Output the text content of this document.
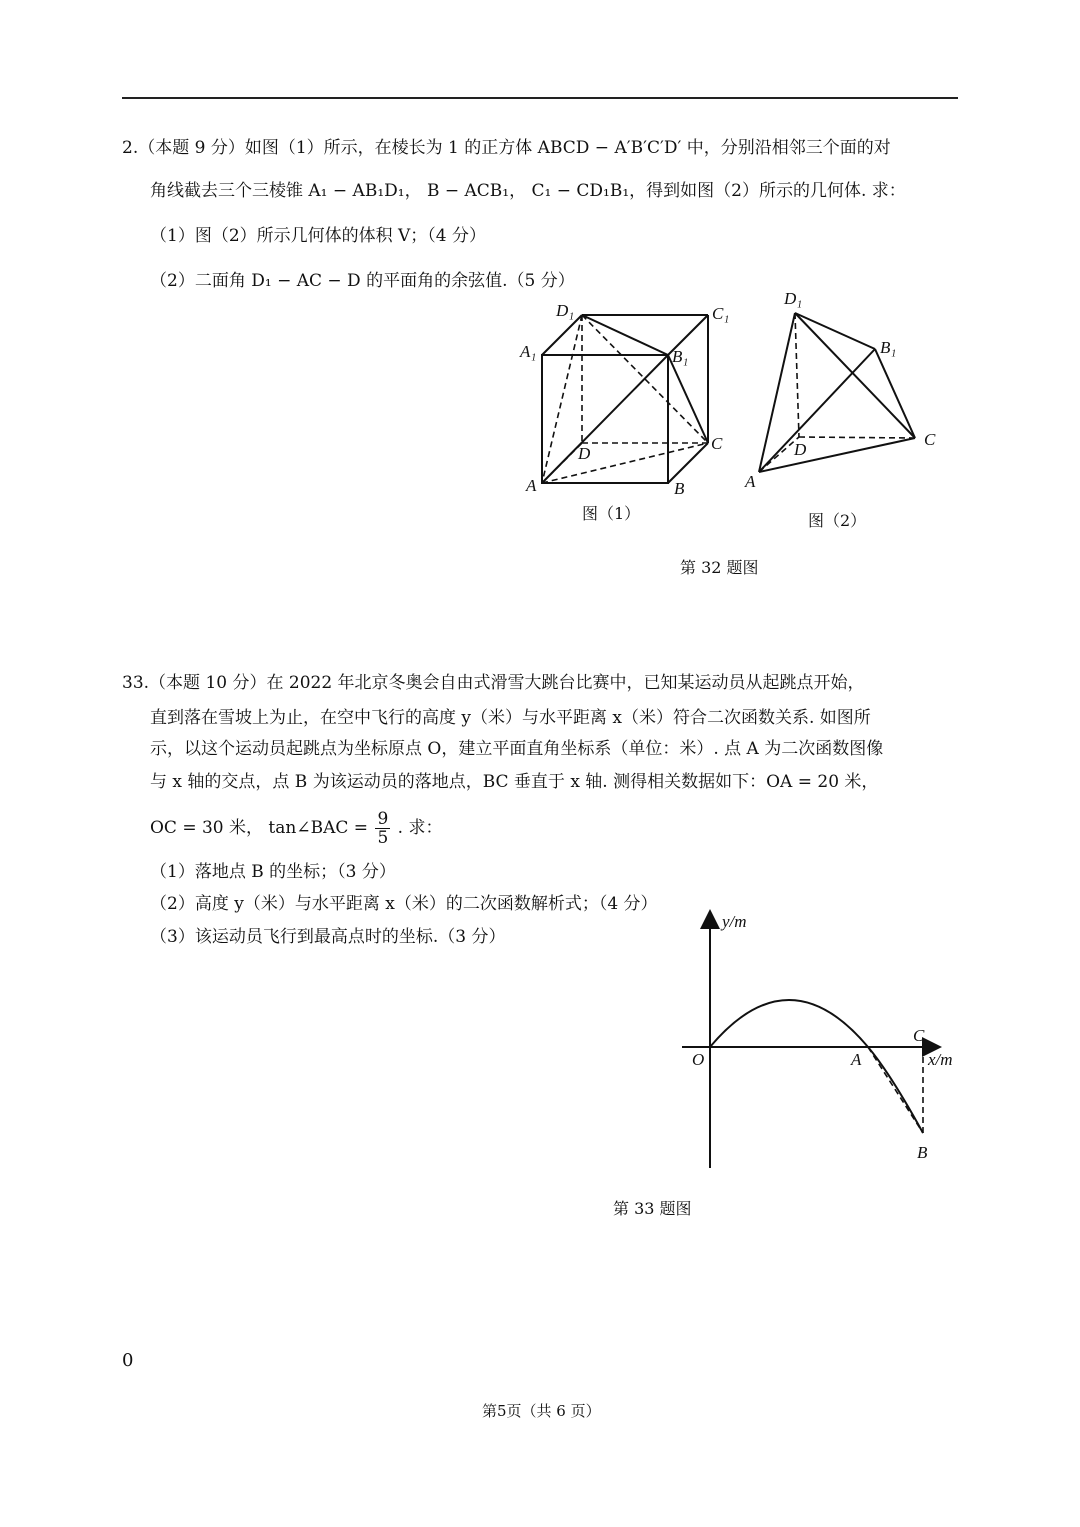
2.（本题 9 分）如图（1）所示，在棱长为 1 的正方体 ABCD − A′B′C′D′ 中，分别沿相邻三个面的对
角线截去三个三棱锥 A₁ − AB₁D₁， B − ACB₁， C₁ − CD₁B₁，得到如图（2）所示的几何体. 求：
（1）图（2）所示几何体的体积 V；（4 分）
（2）二面角 D₁ − AC − D 的平面角的余弦值.（5 分）
D₁	C₁
A₁	B₁
C
D
A	B
图（1）
D₁
B₁
D
C
A
图（2）
第 32 题图
33.（本题 10 分）在 2022 年北京冬奥会自由式滑雪大跳台比赛中，已知某运动员从起跳点开始，
直到落在雪坡上为止，在空中飞行的高度 y（米）与水平距离 x（米）符合二次函数关系. 如图所
示，以这个运动员起跳点为坐标原点 O，建立平面直角坐标系（单位：米）. 点 A 为二次函数图像
与 x 轴的交点，点 B 为该运动员的落地点，BC 垂直于 x 轴. 测得相关数据如下：OA = 20 米，
OC = 30 米， tan∠BAC = $\frac{9}{5}$ . 求：
（1）落地点 B 的坐标；（3 分）
（2）高度 y（米）与水平距离 x（米）的二次函数解析式；（4 分）
（3）该运动员飞行到最高点时的坐标.（3 分）
y/m
x/m
O	A
C
B
第 33 题图
0
第5页（共 6 页）
